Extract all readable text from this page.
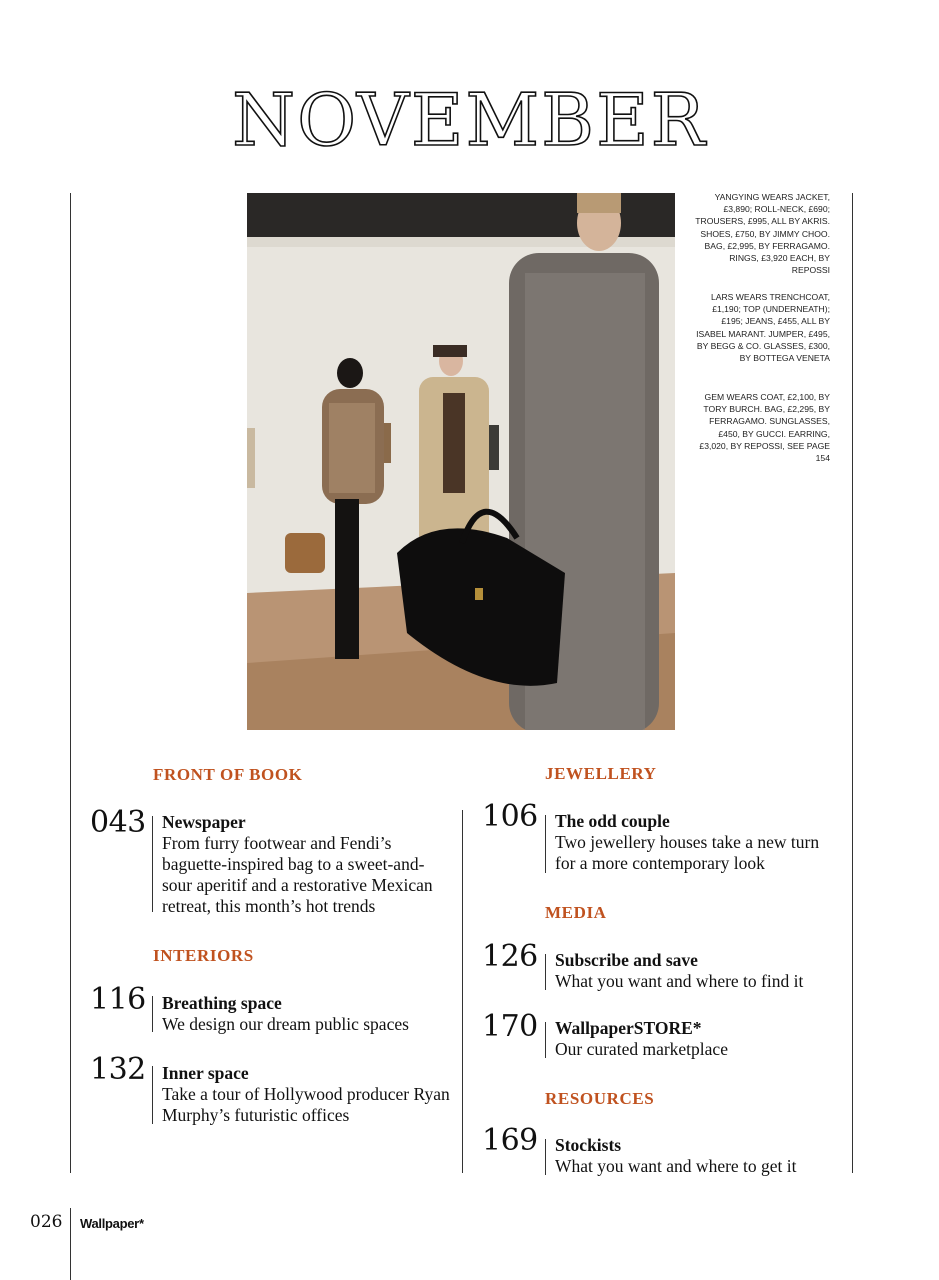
NOVEMBER

YANGYING WEARS JACKET, £3,890; ROLL-NECK, £690; TROUSERS, £995, ALL BY AKRIS. SHOES, £750, BY JIMMY CHOO. BAG, £2,995, BY FERRAGAMO. RINGS, £3,920 EACH, BY REPOSSI

LARS WEARS TRENCHCOAT, £1,190; TOP (UNDERNEATH); £195; JEANS, £455, ALL BY ISABEL MARANT. JUMPER, £495, BY BEGG & CO. GLASSES, £300, BY BOTTEGA VENETA

GEM WEARS COAT, £2,100, BY TORY BURCH. BAG, £2,295, BY FERRAGAMO. SUNGLASSES, £450, BY GUCCI. EARRING, £3,020, BY REPOSSI, SEE PAGE 154

FRONT OF BOOK
043 Newspaper

From furry footwear and Fendi’s baguette-inspired bag to a sweet-and-sour aperitif and a restorative Mexican retreat, this month’s hot trends

INTERIORS
116 Breathing space

We design our dream public spaces

132 Inner space

Take a tour of Hollywood producer Ryan Murphy’s futuristic offices

JEWELLERY
106 The odd couple

Two jewellery houses take a new turn for a more contemporary look

MEDIA
126 Subscribe and save

What you want and where to find it

170 WallpaperSTORE*

Our curated marketplace

RESOURCES
169 Stockists

What you want and where to get it

026 Wallpaper*
